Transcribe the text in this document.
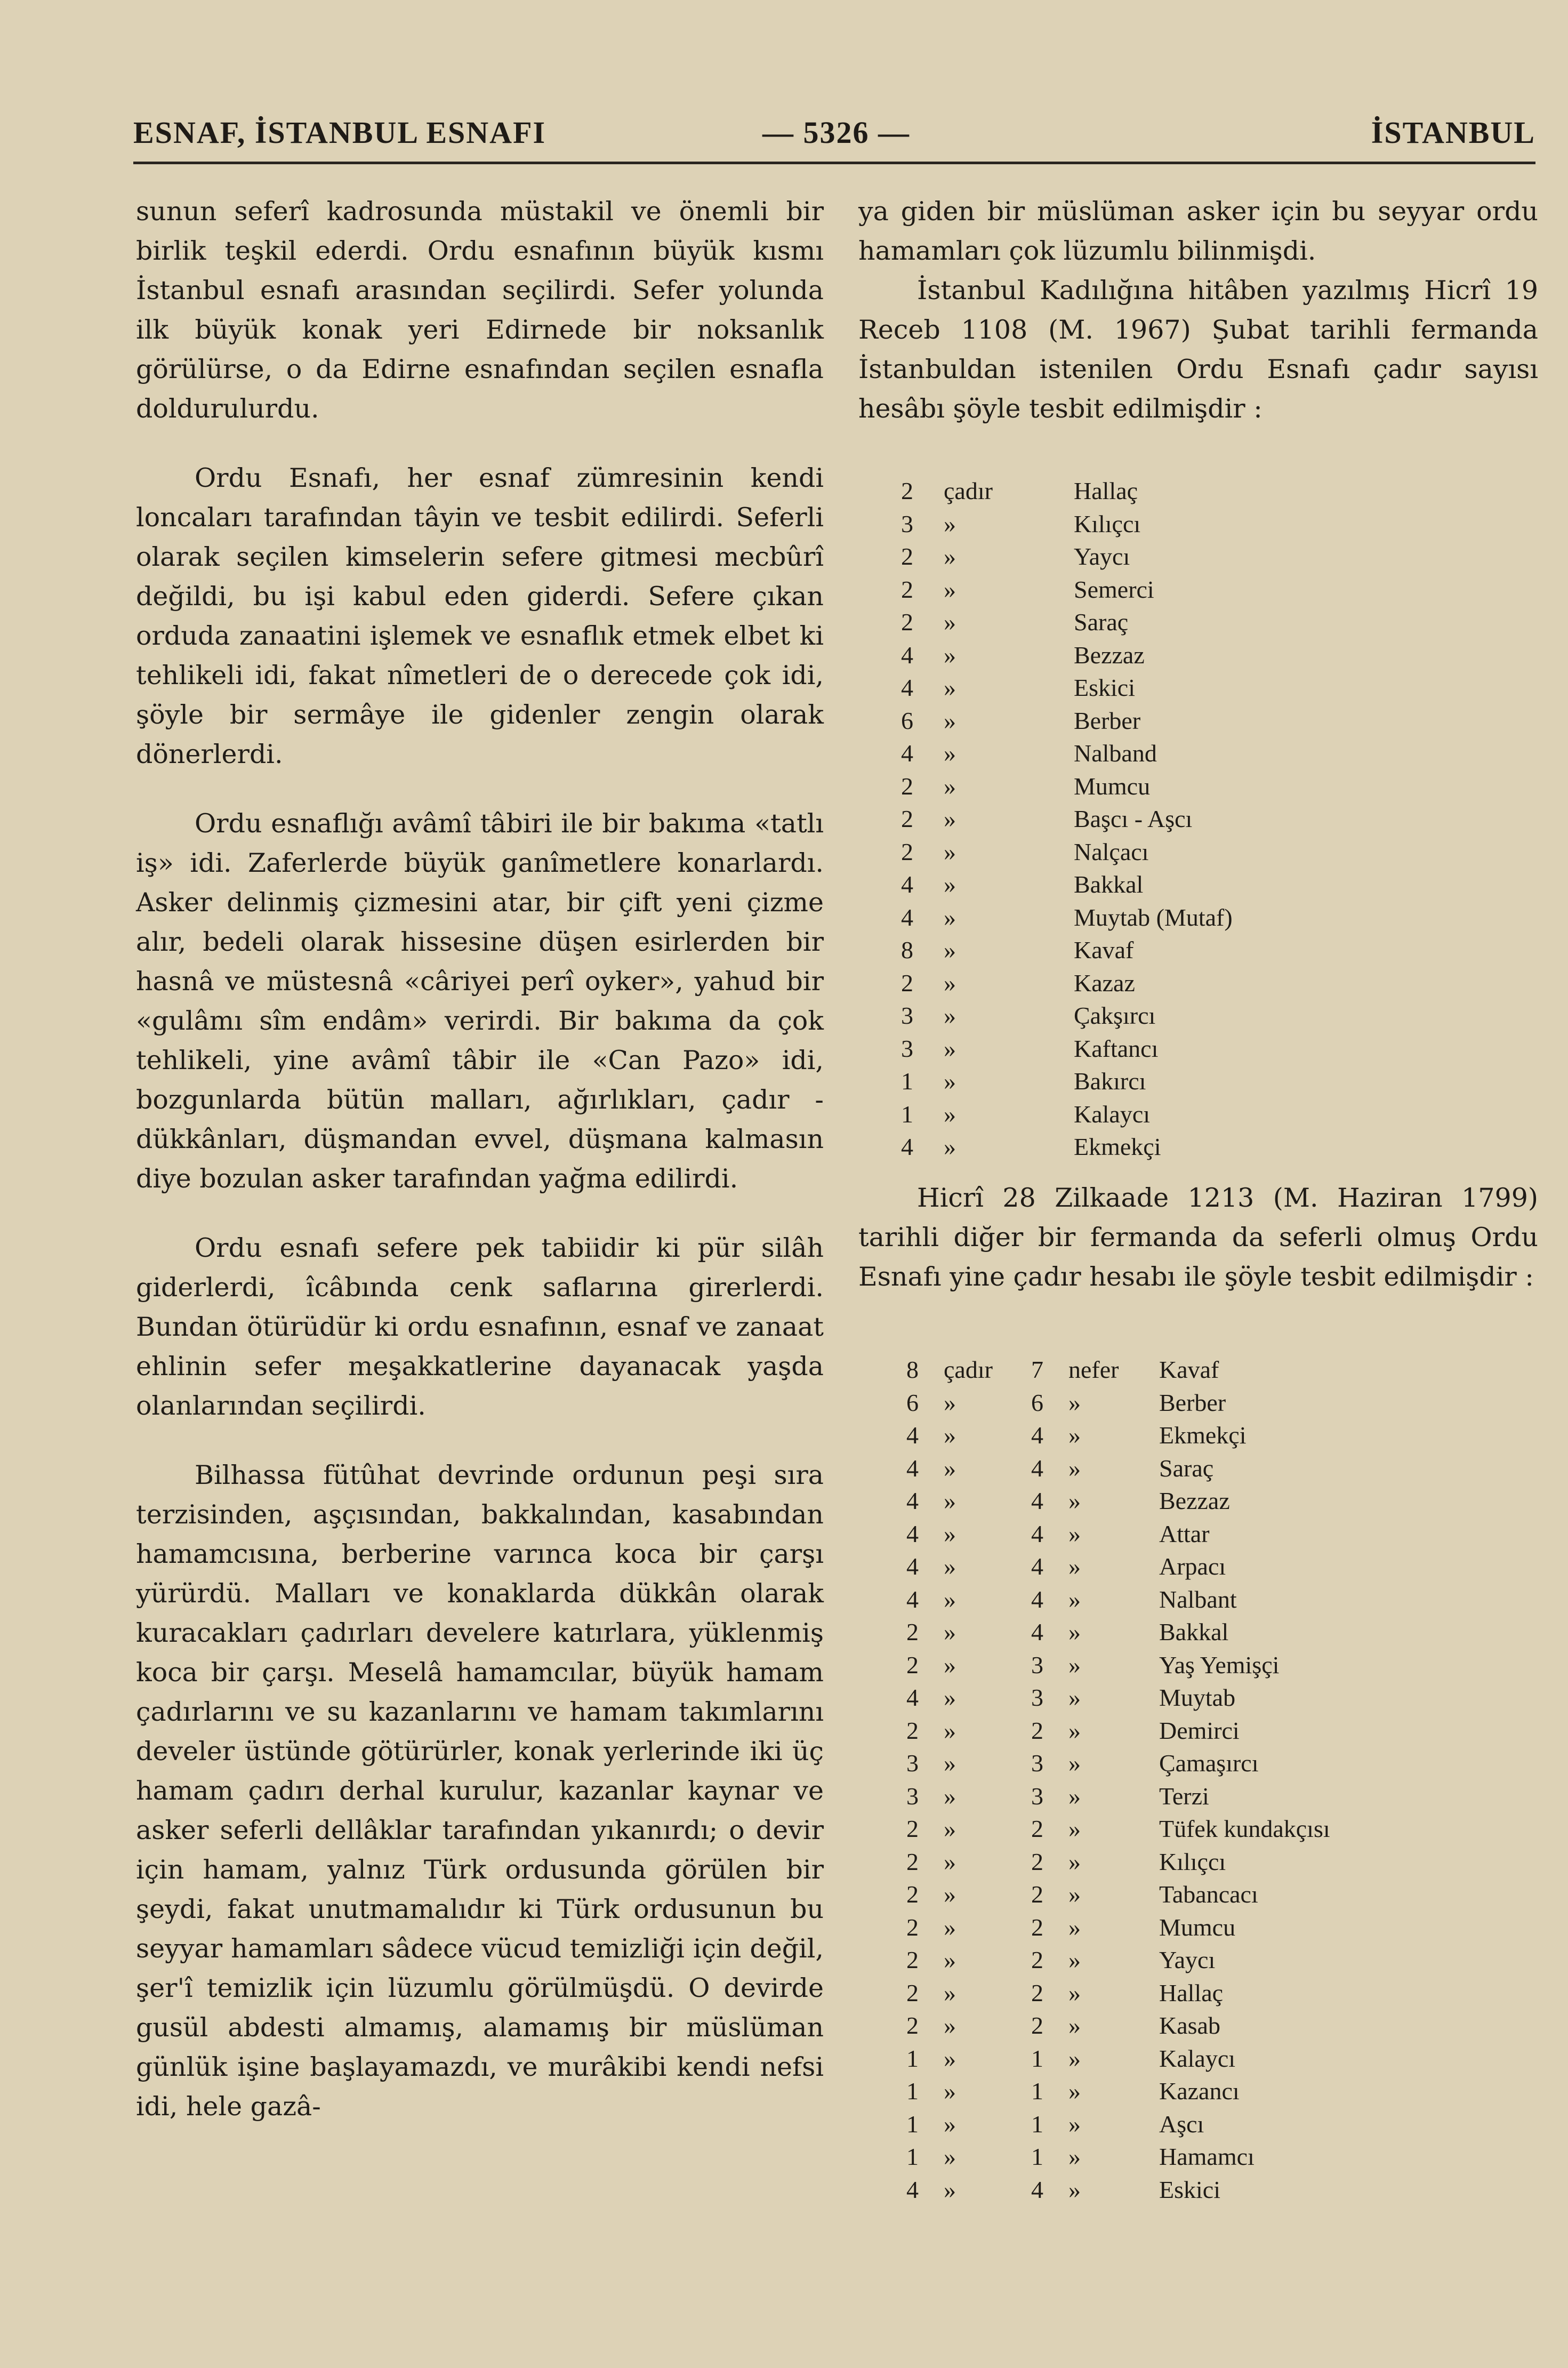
ESNAF, İSTANBUL ESNAFI	— 5326 —	İSTANBUL

sunun seferî kadrosunda müstakil ve önemli bir birlik teşkil ederdi. Ordu esnafının büyük kısmı İstanbul esnafı arasından seçilirdi. Sefer yolunda ilk büyük konak yeri Edirnede bir noksanlık görülürse, o da Edirne esnafından seçilen esnafla doldurulurdu.

Ordu Esnafı, her esnaf zümresinin kendi loncaları tarafından tâyin ve tesbit edilirdi. Seferli olarak seçilen kimselerin sefere gitmesi mecbûrî değildi, bu işi kabul eden giderdi. Sefere çıkan orduda zanaatini işlemek ve esnaflık etmek elbet ki tehlikeli idi, fakat nîmetleri de o derecede çok idi, şöyle bir sermâye ile gidenler zengin olarak dönerlerdi.

Ordu esnaflığı avâmî tâbiri ile bir bakıma «tatlı iş» idi. Zaferlerde büyük ganîmetlere konarlardı. Asker delinmiş çizmesini atar, bir çift yeni çizme alır, bedeli olarak hissesine düşen esirlerden bir hasnâ ve müstesnâ «câriyei perî oyker», yahud bir «gulâmı sîm endâm» verirdi. Bir bakıma da çok tehlikeli, yine avâmî tâbir ile «Can Pazo» idi, bozgunlarda bütün malları, ağırlıkları, çadır - dükkânları, düşmandan evvel, düşmana kalmasın diye bozulan asker tarafından yağma edilirdi.

Ordu esnafı sefere pek tabiidir ki pür silâh giderlerdi, îcâbında cenk saflarına girerlerdi. Bundan ötürüdür ki ordu esnafının, esnaf ve zanaat ehlinin sefer meşakkatlerine dayanacak yaşda olanlarından seçilirdi.

Bilhassa fütûhat devrinde ordunun peşi sıra terzisinden, aşçısından, bakkalından, kasabından hamamcısına, berberine varınca koca bir çarşı yürürdü. Malları ve konaklarda dükkân olarak kuracakları çadırları develere katırlara, yüklenmiş koca bir çarşı. Meselâ hamamcılar, büyük hamam çadırlarını ve su kazanlarını ve hamam takımlarını develer üstünde götürürler, konak yerlerinde iki üç hamam çadırı derhal kurulur, kazanlar kaynar ve asker seferli dellâklar tarafından yıkanırdı; o devir için hamam, yalnız Türk ordusunda görülen bir şeydi, fakat unutmamalıdır ki Türk ordusunun bu seyyar hamamları sâdece vücud temizliği için değil, şer'î temizlik için lüzumlu görülmüşdü. O devirde gusül abdesti almamış, alamamış bir müslüman günlük işine başlayamazdı, ve murâkibi kendi nefsi idi, hele gazâ-

ya giden bir müslüman asker için bu seyyar ordu hamamları çok lüzumlu bilinmişdi.

İstanbul Kadılığına hitâben yazılmış Hicrî 19 Receb 1108 (M. 1967) Şubat tarihli fermanda İstanbuldan istenilen Ordu Esnafı çadır sayısı hesâbı şöyle tesbit edilmişdir :

2	çadır	Hallaç
3	»	Kılıçcı
2	»	Yaycı
2	»	Semerci
2	»	Saraç
4	»	Bezzaz
4	»	Eskici
6	»	Berber
4	»	Nalband
2	»	Mumcu
2	»	Başcı - Aşcı
2	»	Nalçacı
4	»	Bakkal
4	»	Muytab (Mutaf)
8	»	Kavaf
2	»	Kazaz
3	»	Çakşırcı
3	»	Kaftancı
1	»	Bakırcı
1	»	Kalaycı
4	»	Ekmekçi

Hicrî 28 Zilkaade 1213 (M. Haziran 1799) tarihli diğer bir fermanda da seferli olmuş Ordu Esnafı yine çadır hesabı ile şöyle tesbit edilmişdir :

8	çadır	7	nefer	Kavaf
6	»	6	»	Berber
4	»	4	»	Ekmekçi
4	»	4	»	Saraç
4	»	4	»	Bezzaz
4	»	4	»	Attar
4	»	4	»	Arpacı
4	»	4	»	Nalbant
2	»	4	»	Bakkal
2	»	3	»	Yaş Yemişçi
4	»	3	»	Muytab
2	»	2	»	Demirci
3	»	3	»	Çamaşırcı
3	»	3	»	Terzi
2	»	2	»	Tüfek kundakçısı
2	»	2	»	Kılıçcı
2	»	2	»	Tabancacı
2	»	2	»	Mumcu
2	»	2	»	Yaycı
2	»	2	»	Hallaç
2	»	2	»	Kasab
1	»	1	»	Kalaycı
1	»	1	»	Kazancı
1	»	1	»	Aşcı
1	»	1	»	Hamamcı
4	»	4	»	Eskici
